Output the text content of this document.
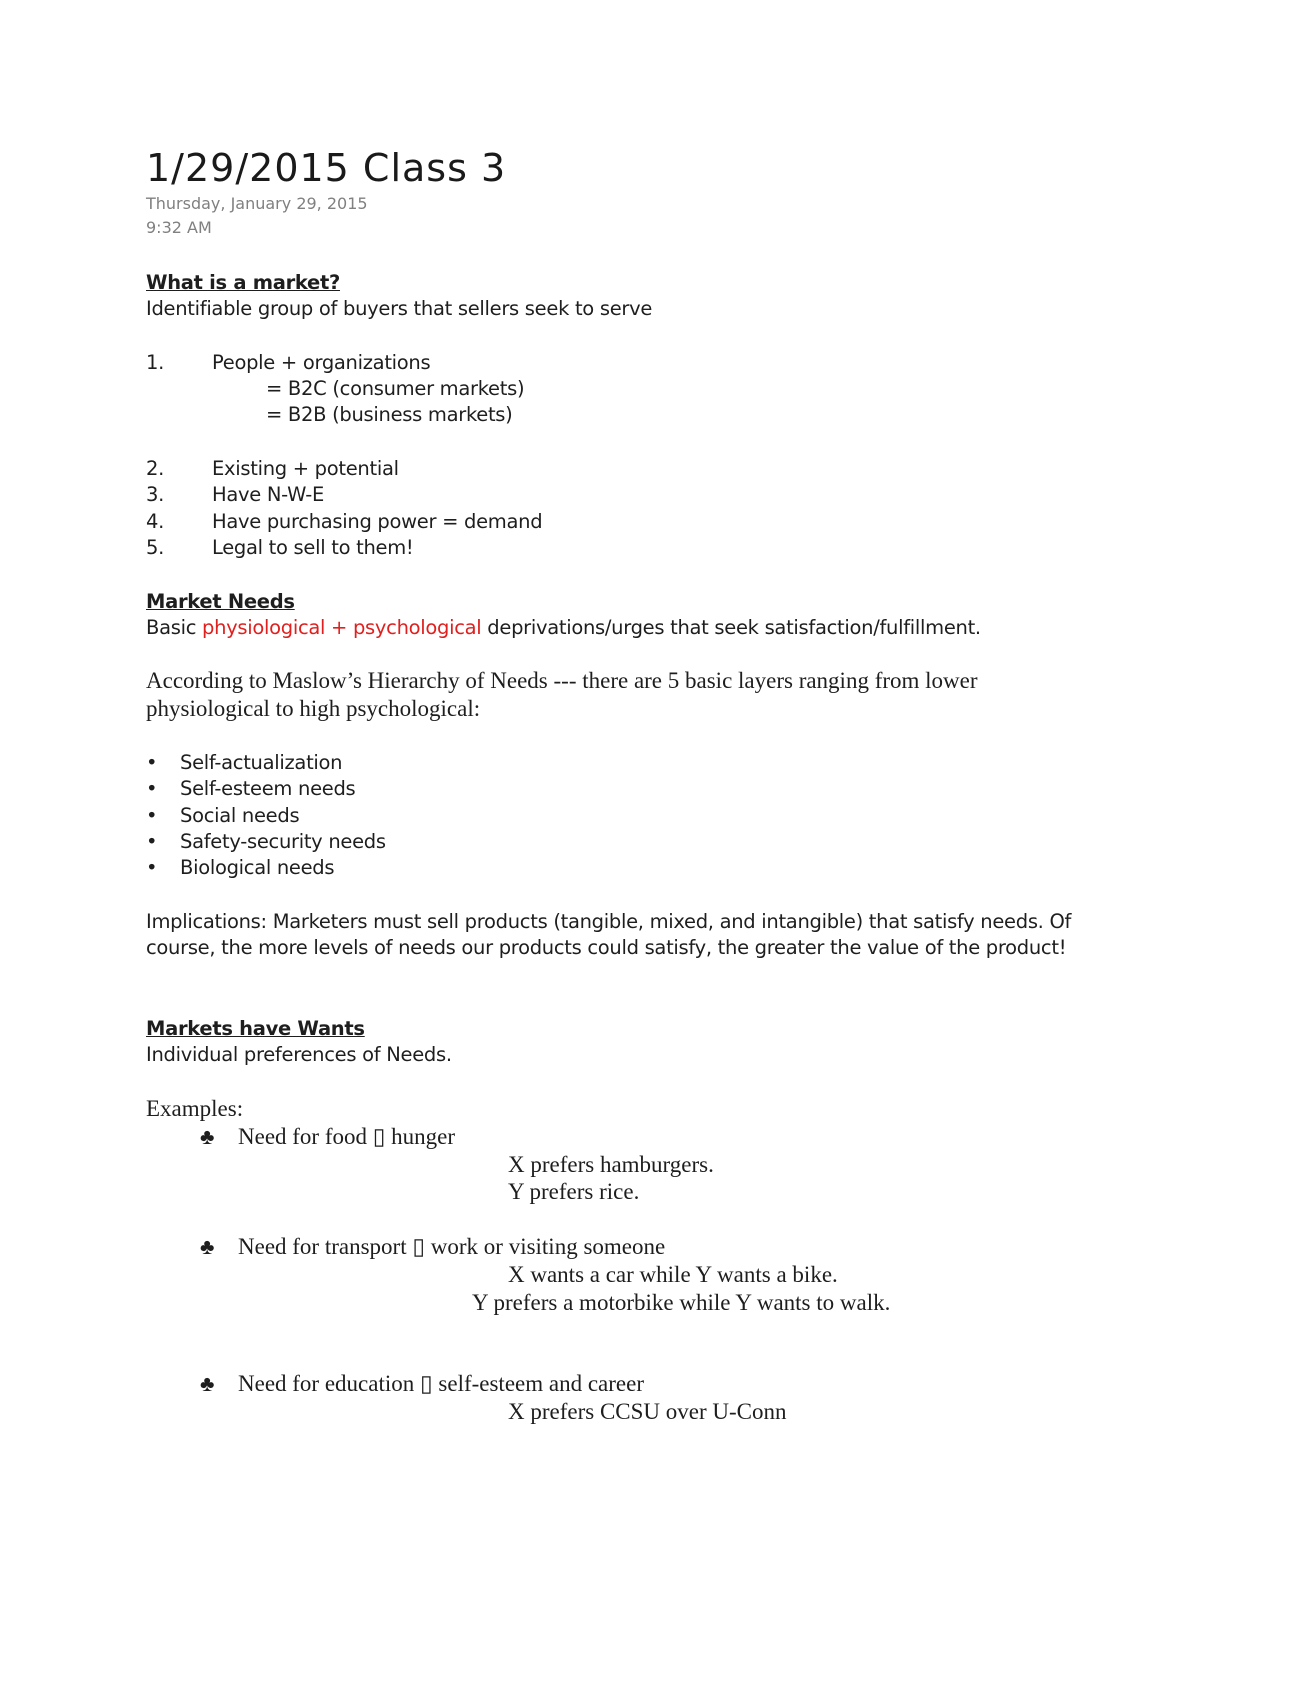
1/29/2015 Class 3
Thursday, January 29, 2015
9:32 AM
What is a market?
Identifiable group of buyers that sellers seek to serve
1. People + organizations
= B2C (consumer markets)
= B2B (business markets)
2. Existing + potential
3. Have N-W-E
4. Have purchasing power = demand
5. Legal to sell to them!
Market Needs
Basic physiological + psychological deprivations/urges that seek satisfaction/fulfillment.
According to Maslow’s Hierarchy of Needs --- there are 5 basic layers ranging from lower
physiological to high psychological:
• Self-actualization
• Self-esteem needs
• Social needs
• Safety-security needs
• Biological needs
Implications: Marketers must sell products (tangible, mixed, and intangible) that satisfy needs. Of
course, the more levels of needs our products could satisfy, the greater the value of the product!
Markets have Wants
Individual preferences of Needs.
Examples:
♣ Need for food ▯ hunger
X prefers hamburgers.
Y prefers rice.
♣ Need for transport ▯ work or visiting someone
X wants a car while Y wants a bike.
Y prefers a motorbike while Y wants to walk.
♣ Need for education ▯ self-esteem and career
X prefers CCSU over U-Conn
